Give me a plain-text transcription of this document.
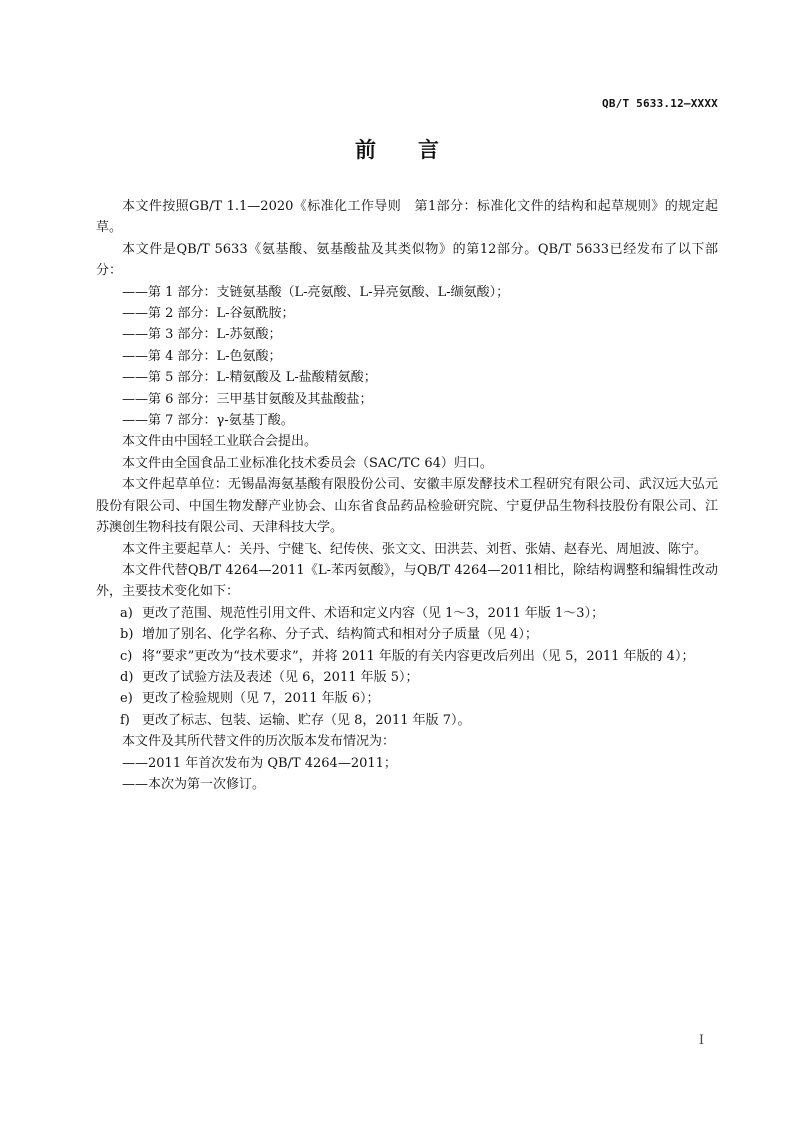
QB/T 5633.12—XXXX
前言

本文件按照GB/T 1.1—2020《标准化工作导则　第1部分：标准化文件的结构和起草规则》的规定起草。

本文件是QB/T 5633《氨基酸、氨基酸盐及其类似物》的第12部分。QB/T 5633已经发布了以下部分：

——第 1 部分：支链氨基酸（L-亮氨酸、L-异亮氨酸、L-缬氨酸）；

——第 2 部分：L-谷氨酰胺；

——第 3 部分：L-苏氨酸；

——第 4 部分：L-色氨酸；

——第 5 部分：L-精氨酸及 L-盐酸精氨酸；

——第 6 部分：三甲基甘氨酸及其盐酸盐；

——第 7 部分：γ-氨基丁酸。

本文件由中国轻工业联合会提出。

本文件由全国食品工业标准化技术委员会（SAC/TC 64）归口。

本文件起草单位：无锡晶海氨基酸有限股份公司、安徽丰原发酵技术工程研究有限公司、武汉远大弘元股份有限公司、中国生物发酵产业协会、山东省食品药品检验研究院、宁夏伊品生物科技股份有限公司、江苏澳创生物科技有限公司、天津科技大学。

本文件主要起草人：关丹、宁健飞、纪传侠、张文文、田洪芸、刘哲、张婧、赵春光、周旭波、陈宁。

本文件代替QB/T 4264—2011《L-苯丙氨酸》，与QB/T 4264—2011相比，除结构调整和编辑性改动外，主要技术变化如下：

a) 更改了范围、规范性引用文件、术语和定义内容（见 1～3，2011 年版 1～3）；

b) 增加了别名、化学名称、分子式、结构简式和相对分子质量（见 4）；

c) 将“要求”更改为“技术要求”，并将 2011 年版的有关内容更改后列出（见 5，2011 年版的 4）；

d) 更改了试验方法及表述（见 6，2011 年版 5）；

e) 更改了检验规则（见 7，2011 年版 6）；

f) 更改了标志、包装、运输、贮存（见 8，2011 年版 7）。

本文件及其所代替文件的历次版本发布情况为：

——2011 年首次发布为 QB/T 4264—2011；

——本次为第一次修订。

I
